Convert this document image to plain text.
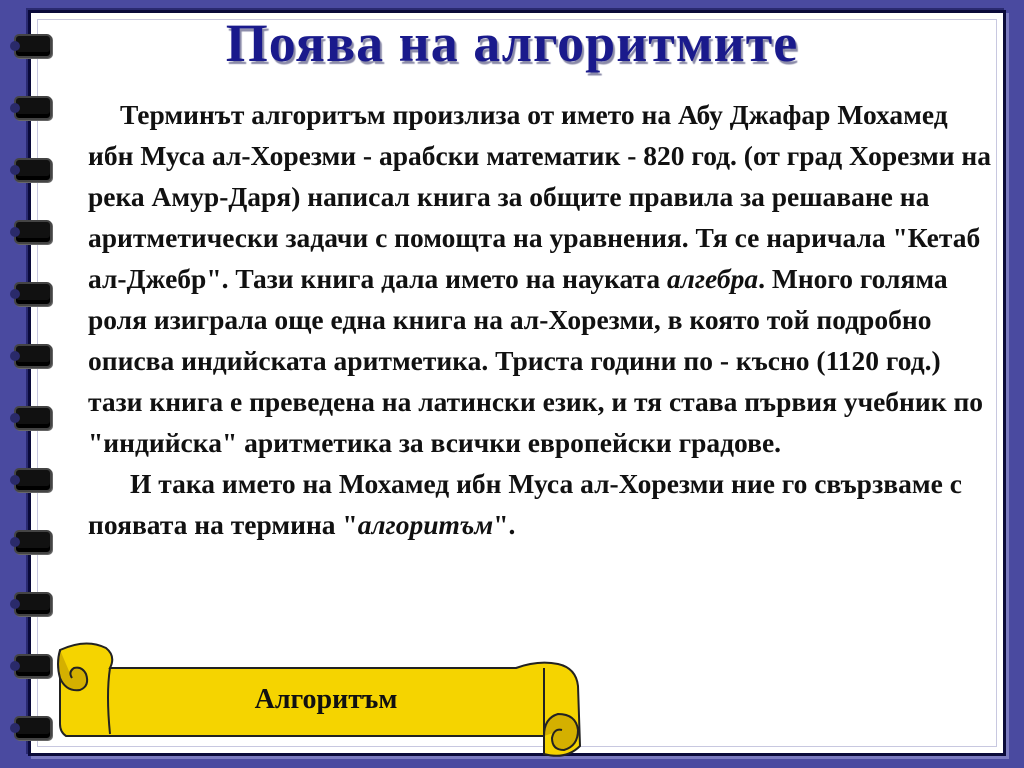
Поява на алгоритмите

Терминът алгоритъм произлиза от името на Абу Джафар Мохамед ибн Муса ал-Хорезми - арабски математик - 820 год. (от град Хорезми на река Амур-Даря) написал книга за общите правила за решаване на аритметически задачи с помощта на уравнения. Тя се наричала "Кетаб ал-Джебр". Тази книга дала името на науката алгебра. Много голяма роля изиграла още една книга на ал-Хорезми, в която той подробно описва индийската аритметика. Триста години по - късно (1120 год.) тази книга е преведена на латински език, и тя става първия учебник по "индийска" аритметика за всички европейски градове.

И така името на Мохамед ибн Муса ал-Хорезми ние го свързваме с появата на термина "алгоритъм".

Алгоритъм
